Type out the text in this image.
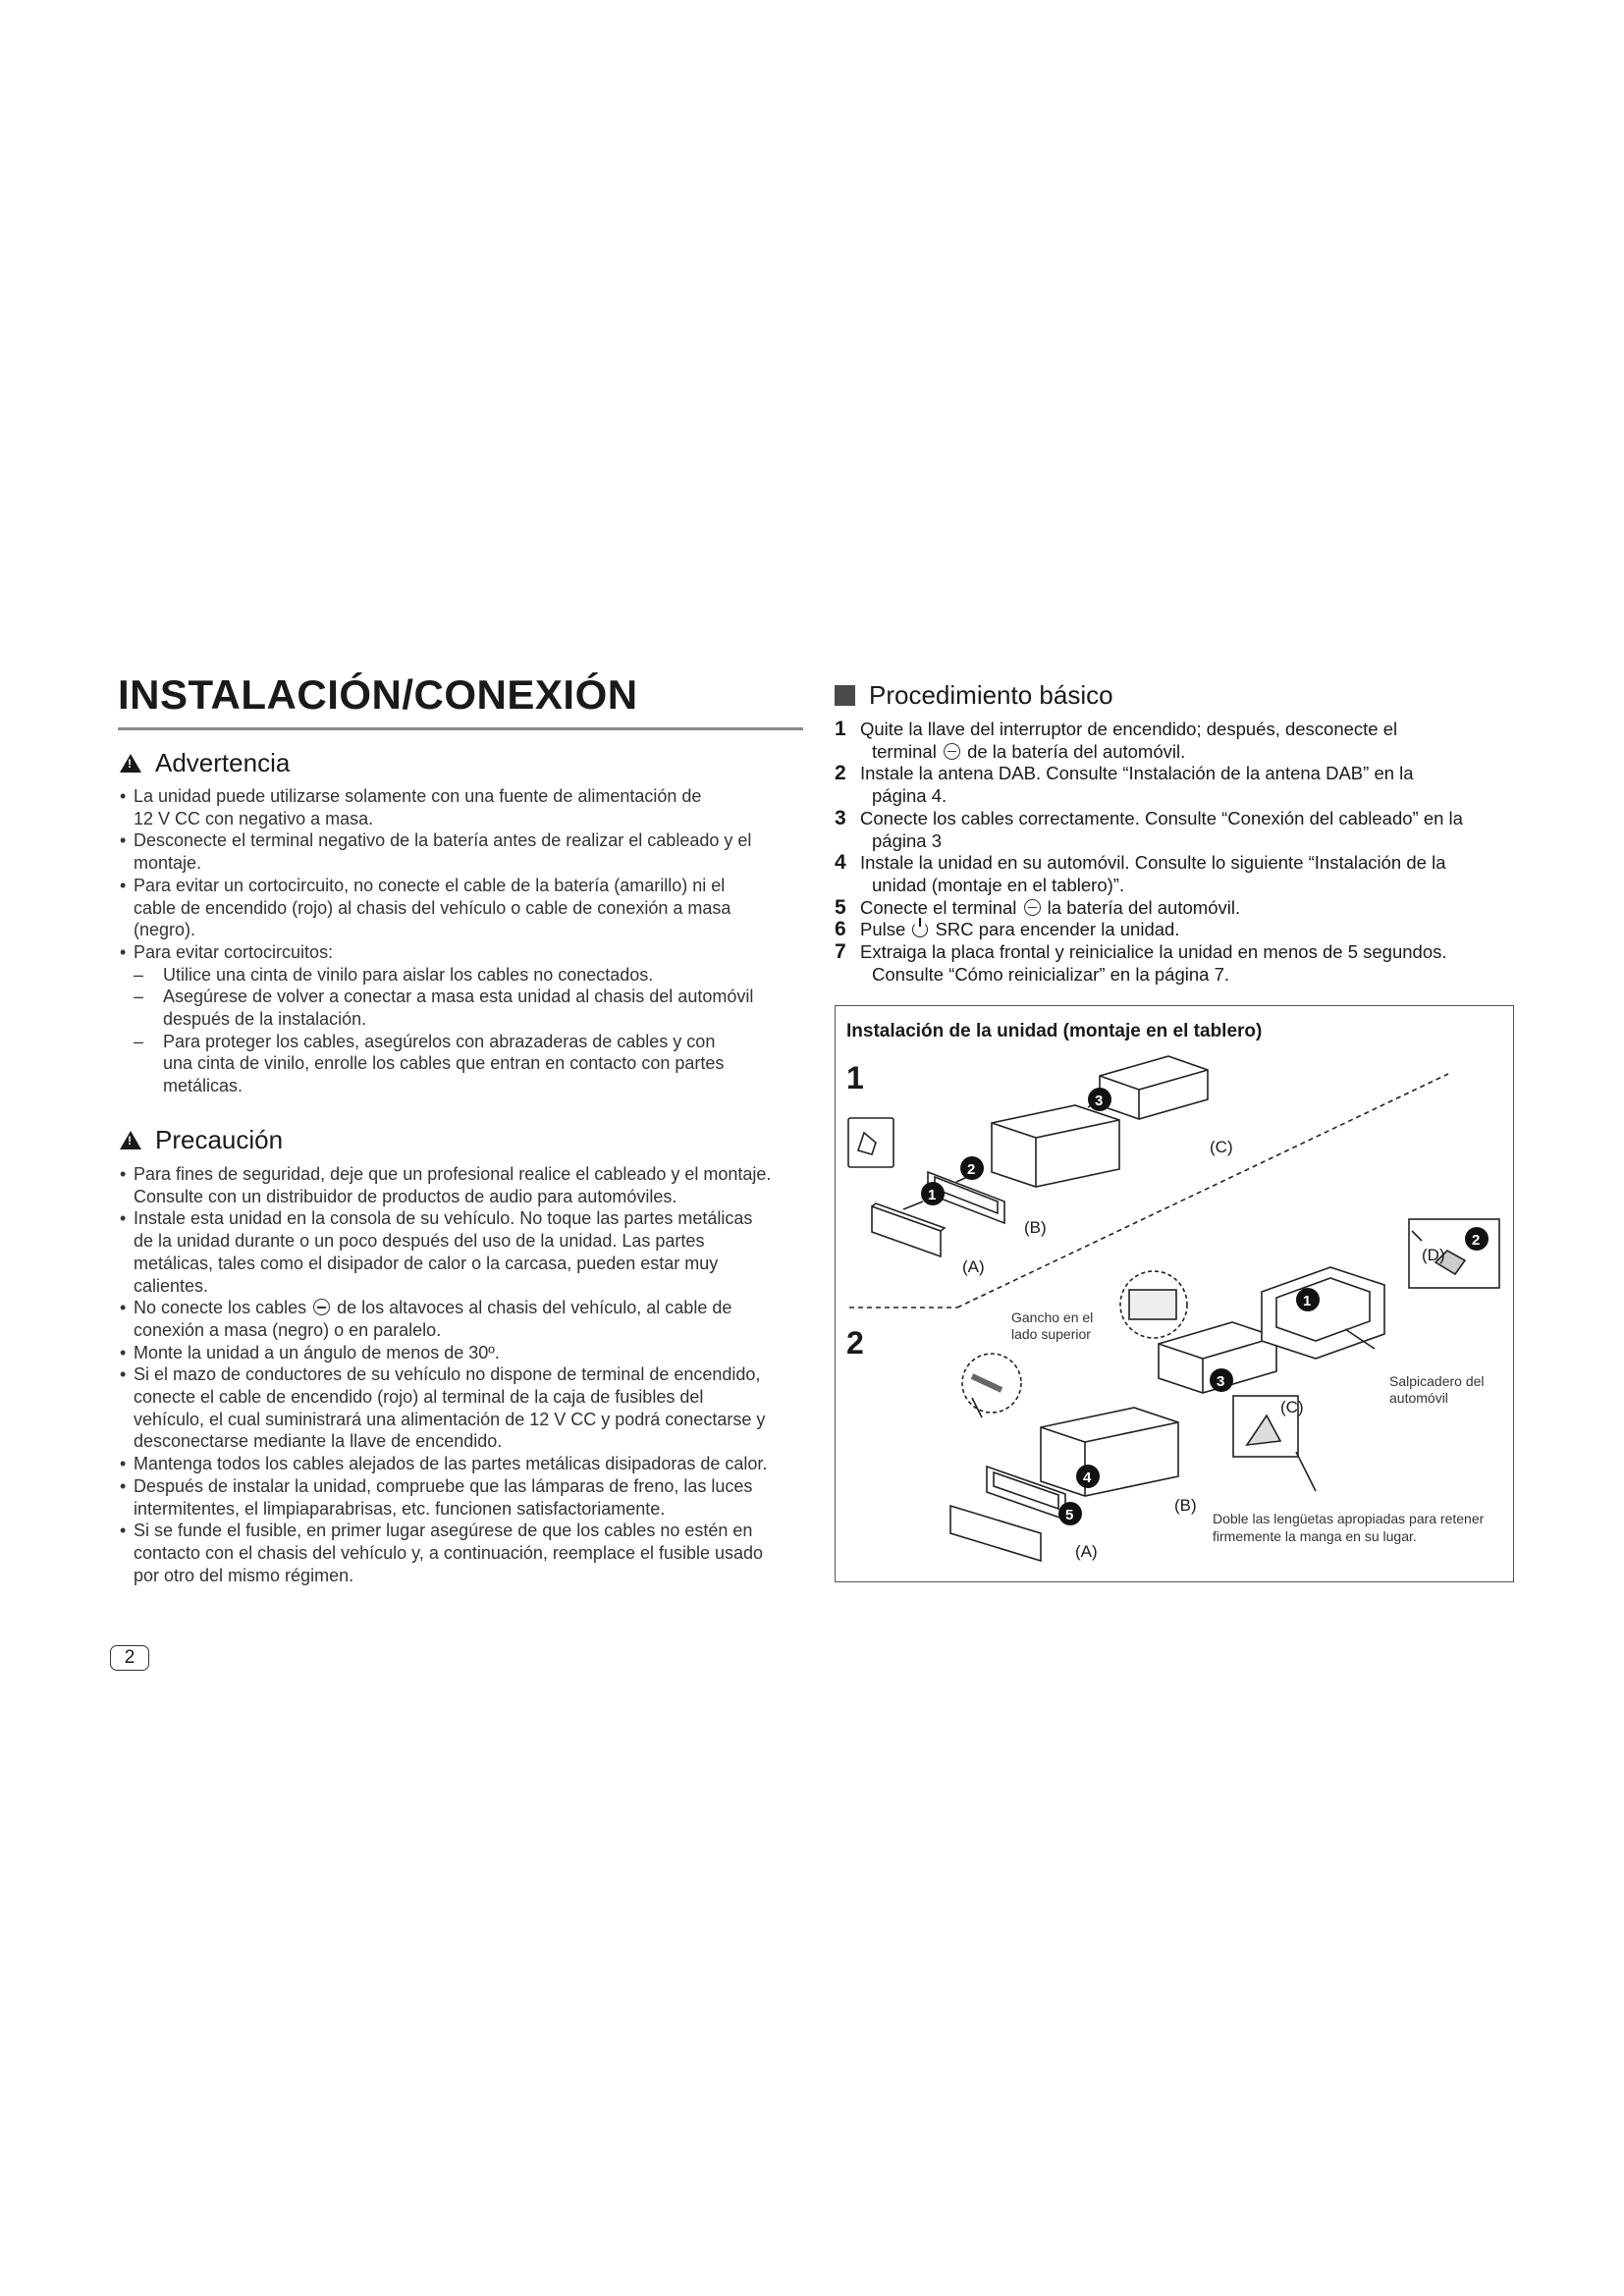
INSTALACIÓN/CONEXIÓN
!
Advertencia
• La unidad puede utilizarse solamente con una fuente de alimentación de
12 V CC con negativo a masa.
• Desconecte el terminal negativo de la batería antes de realizar el cableado y el
montaje.
• Para evitar un cortocircuito, no conecte el cable de la batería (amarillo) ni el
cable de encendido (rojo) al chasis del vehículo o cable de conexión a masa
(negro).
• Para evitar cortocircuitos:
– Utilice una cinta de vinilo para aislar los cables no conectados.
– Asegúrese de volver a conectar a masa esta unidad al chasis del automóvil
después de la instalación.
– Para proteger los cables, asegúrelos con abrazaderas de cables y con
una cinta de vinilo, enrolle los cables que entran en contacto con partes
metálicas.
!
Precaución
• Para fines de seguridad, deje que un profesional realice el cableado y el montaje.
Consulte con un distribuidor de productos de audio para automóviles.
• Instale esta unidad en la consola de su vehículo. No toque las partes metálicas
de la unidad durante o un poco después del uso de la unidad. Las partes
metálicas, tales como el disipador de calor o la carcasa, pueden estar muy
calientes.
• No conecte los cables  de los altavoces al chasis del vehículo, al cable de
conexión a masa (negro) o en paralelo.
• Monte la unidad a un ángulo de menos de 30º.
• Si el mazo de conductores de su vehículo no dispone de terminal de encendido,
conecte el cable de encendido (rojo) al terminal de la caja de fusibles del
vehículo, el cual suministrará una alimentación de 12 V CC y podrá conectarse y
desconectarse mediante la llave de encendido.
• Mantenga todos los cables alejados de las partes metálicas disipadoras de calor.
• Después de instalar la unidad, compruebe que las lámparas de freno, las luces
intermitentes, el limpiaparabrisas, etc. funcionen satisfactoriamente.
• Si se funde el fusible, en primer lugar asegúrese de que los cables no estén en
contacto con el chasis del vehículo y, a continuación, reemplace el fusible usado
por otro del mismo régimen.
Procedimiento básico
1 Quite la llave del interruptor de encendido; después, desconecte el
terminal  de la batería del automóvil.
2 Instale la antena DAB. Consulte “Instalación de la antena DAB” en la
página 4.
3 Conecte los cables correctamente. Consulte “Conexión del cableado” en la
página 3
4 Instale la unidad en su automóvil. Consulte lo siguiente “Instalación de la
unidad (montaje en el tablero)”.
5 Conecte el terminal  la batería del automóvil.
6 Pulse  SRC para encender la unidad.
7 Extraiga la placa frontal y reinicialice la unidad en menos de 5 segundos.
Consulte “Cómo reinicializar” en la página 7.
Instalación de la unidad (montaje en el tablero)
1
2
3
2
1
3
4
5
1
2
(A)
(B)
(C)
(D)
(C)
(B)
(A)
Gancho en el
lado superior
Salpicadero del
automóvil
Doble las lengüetas apropiadas para retener
firmemente la manga en su lugar.
2
